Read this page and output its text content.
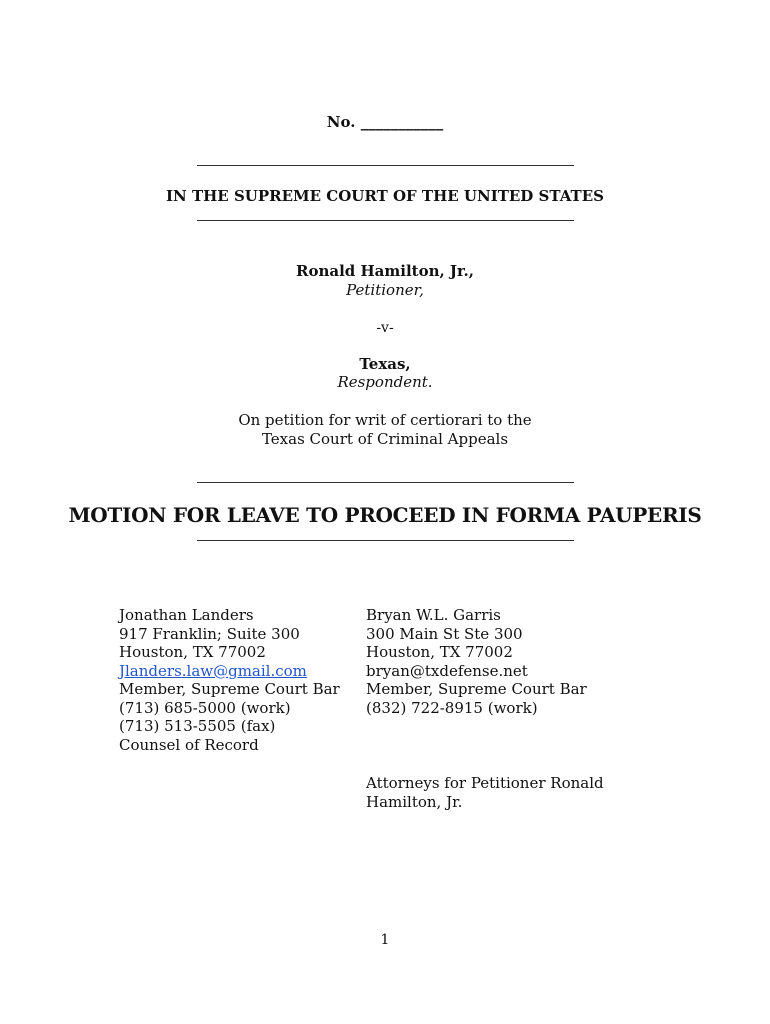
No. ___________
IN THE SUPREME COURT OF THE UNITED STATES
Ronald Hamilton, Jr.,
Petitioner,
-v-
Texas,
Respondent.
On petition for writ of certiorari to the
Texas Court of Criminal Appeals
MOTION FOR LEAVE TO PROCEED IN FORMA PAUPERIS
Jonathan Landers
917 Franklin; Suite 300
Houston, TX 77002
Jlanders.law@gmail.com
Member, Supreme Court Bar
(713) 685-5000 (work)
(713) 513-5505 (fax)
Counsel of Record
Bryan W.L. Garris
300 Main St Ste 300
Houston, TX 77002
bryan@txdefense.net
Member, Supreme Court Bar
(832) 722-8915 (work)
Attorneys for Petitioner Ronald
Hamilton, Jr.
1
